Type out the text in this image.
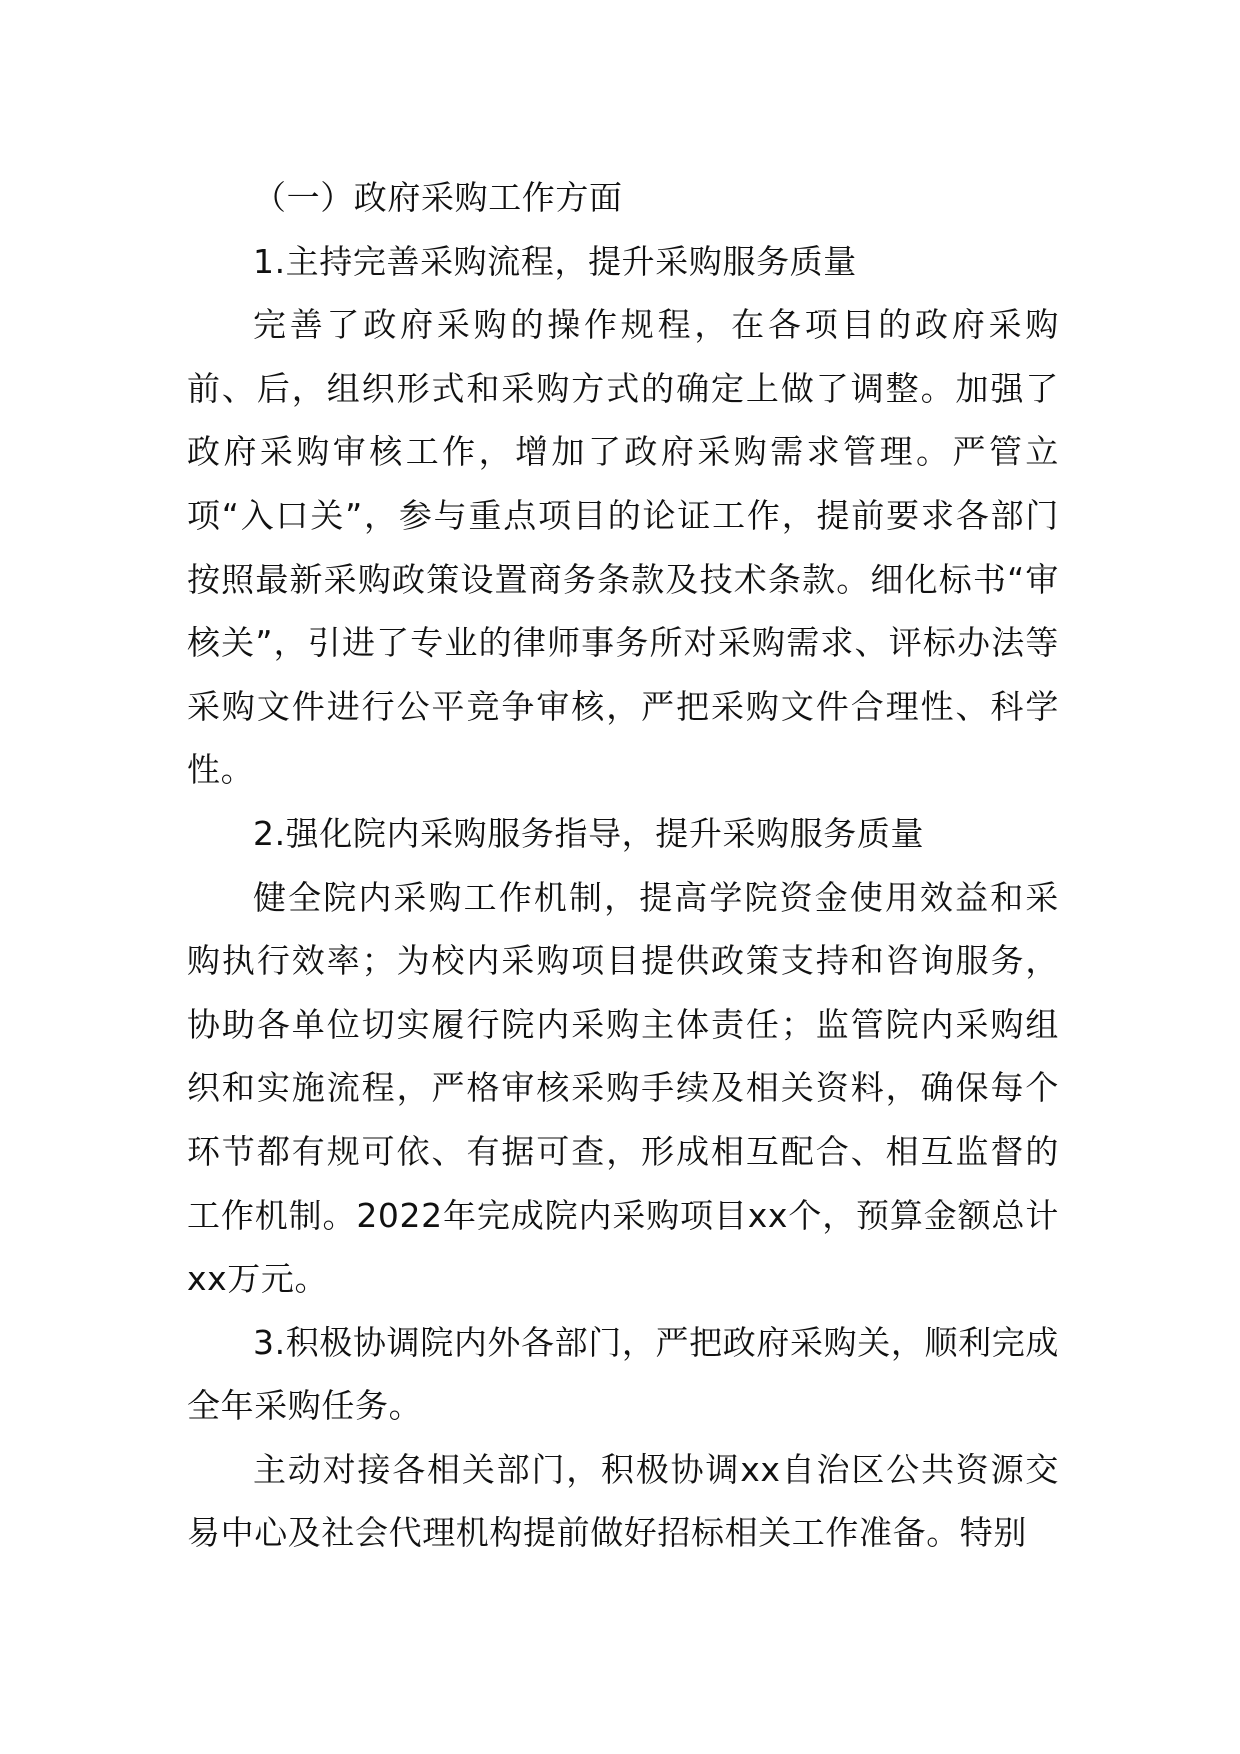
（一）政府采购工作方面

1.主持完善采购流程，提升采购服务质量

完善了政府采购的操作规程，在各项目的政府采购前、后，组织形式和采购方式的确定上做了调整。加强了政府采购审核工作，增加了政府采购需求管理。严管立项“入口关”，参与重点项目的论证工作，提前要求各部门按照最新采购政策设置商务条款及技术条款。细化标书“审核关”，引进了专业的律师事务所对采购需求、评标办法等采购文件进行公平竞争审核，严把采购文件合理性、科学性。

2.强化院内采购服务指导，提升采购服务质量

健全院内采购工作机制，提高学院资金使用效益和采购执行效率；为校内采购项目提供政策支持和咨询服务，协助各单位切实履行院内采购主体责任；监管院内采购组织和实施流程，严格审核采购手续及相关资料，确保每个环节都有规可依、有据可查，形成相互配合、相互监督的工作机制。2022年完成院内采购项目xx个，预算金额总计xx万元。

3.积极协调院内外各部门，严把政府采购关，顺利完成全年采购任务。

主动对接各相关部门，积极协调xx自治区公共资源交易中心及社会代理机构提前做好招标相关工作准备。特别
